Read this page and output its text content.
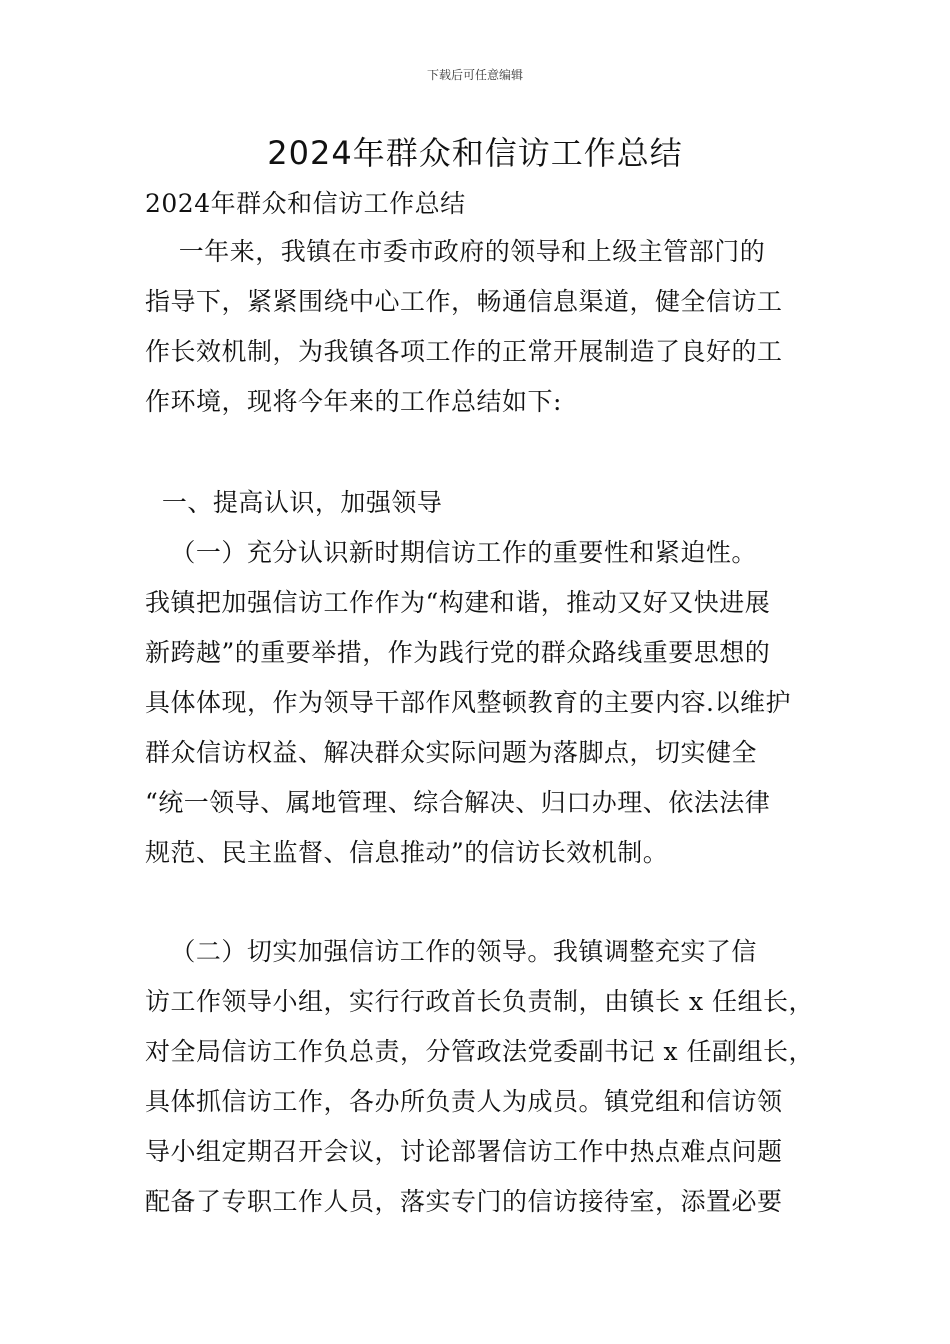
下载后可任意编辑
2024年群众和信访工作总结
2024年群众和信访工作总结
一年来，我镇在市委市政府的领导和上级主管部门的
指导下，紧紧围绕中心工作，畅通信息渠道，健全信访工
作长效机制，为我镇各项工作的正常开展制造了良好的工
作环境，现将今年来的工作总结如下:
一、提高认识，加强领导
（一）充分认识新时期信访工作的重要性和紧迫性。
我镇把加强信访工作作为“构建和谐，推动又好又快进展
新跨越”的重要举措，作为践行党的群众路线重要思想的
具体体现，作为领导干部作风整顿教育的主要内容.以维护
群众信访权益、解决群众实际问题为落脚点，切实健全
“统一领导、属地管理、综合解决、归口办理、依法法律
规范、民主监督、信息推动”的信访长效机制。
（二）切实加强信访工作的领导。我镇调整充实了信
访工作领导小组，实行行政首长负责制，由镇长 x 任组长，
对全局信访工作负总责，分管政法党委副书记 x 任副组长，
具体抓信访工作，各办所负责人为成员。镇党组和信访领
导小组定期召开会议，讨论部署信访工作中热点难点问题
配备了专职工作人员，落实专门的信访接待室，添置必要
